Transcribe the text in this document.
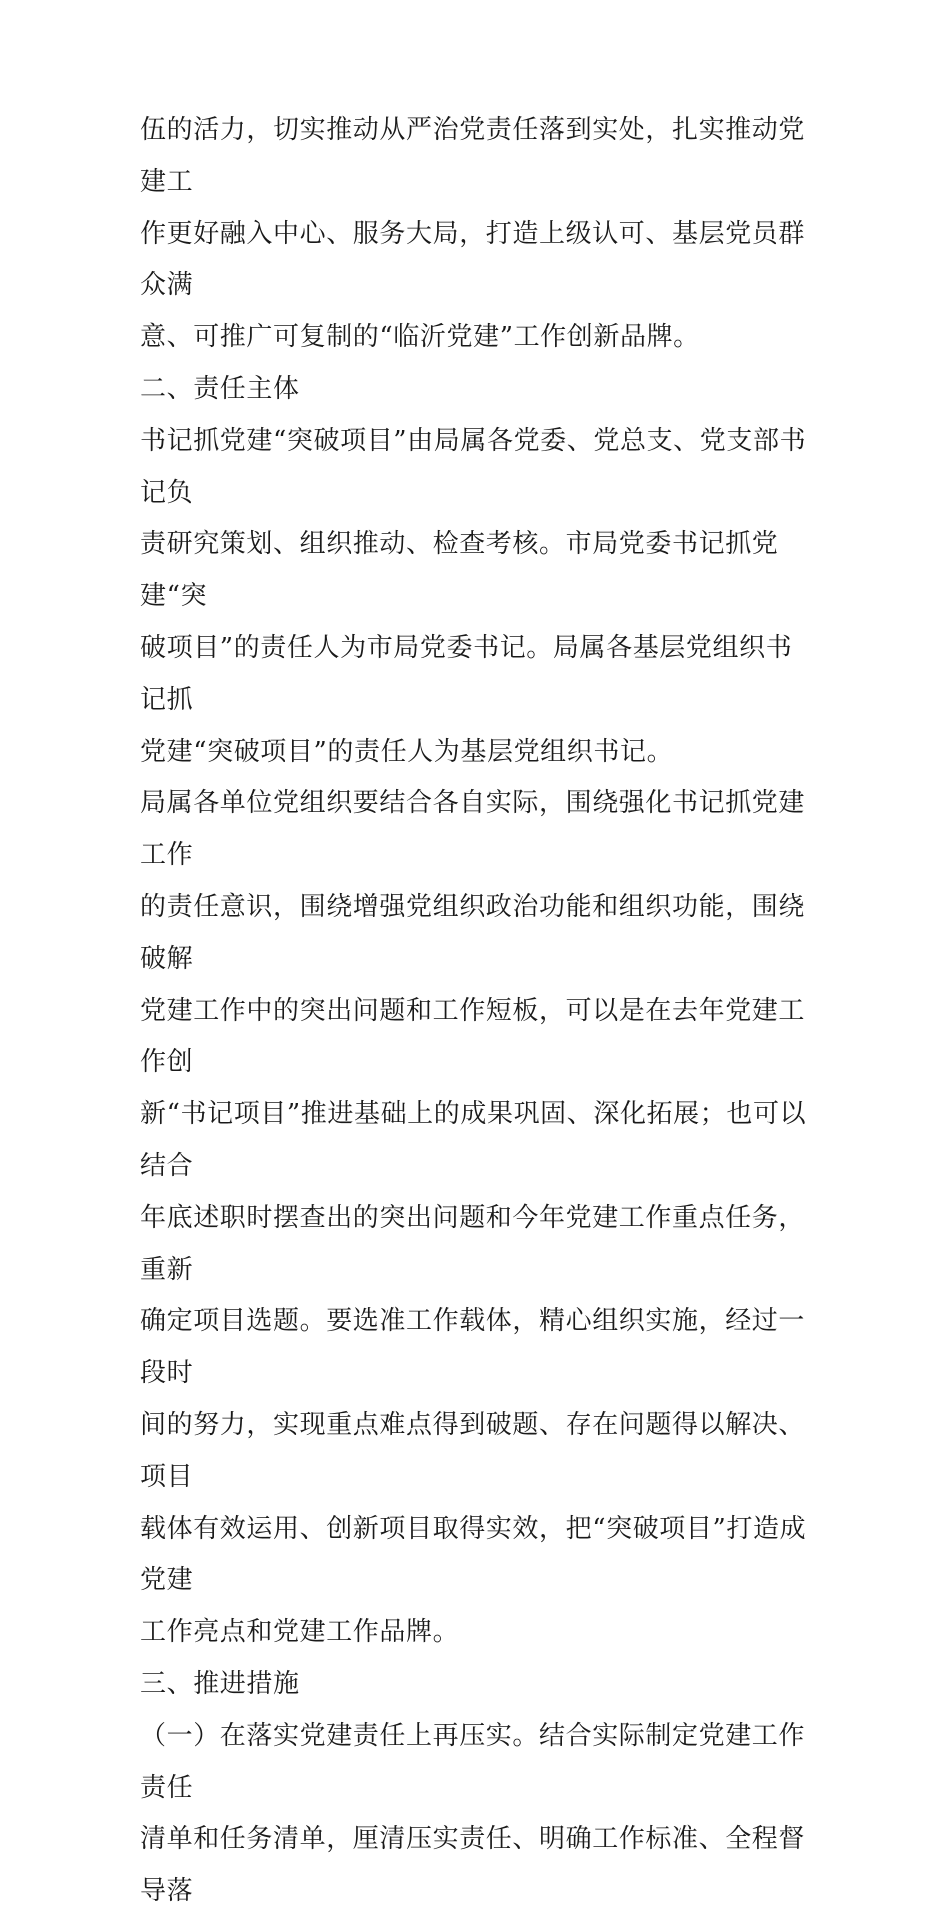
伍的活力，切实推动从严治党责任落到实处，扎实推动党建工

作更好融入中心、服务大局，打造上级认可、基层党员群众满

意、可推广可复制的“临沂党建”工作创新品牌。

二、责任主体

书记抓党建“突破项目”由局属各党委、党总支、党支部书记负

责研究策划、组织推动、检查考核。市局党委书记抓党建“突

破项目”的责任人为市局党委书记。局属各基层党组织书记抓

党建“突破项目”的责任人为基层党组织书记。

局属各单位党组织要结合各自实际，围绕强化书记抓党建工作

的责任意识，围绕增强党组织政治功能和组织功能，围绕破解

党建工作中的突出问题和工作短板，可以是在去年党建工作创

新“书记项目”推进基础上的成果巩固、深化拓展；也可以结合

年底述职时摆查出的突出问题和今年党建工作重点任务，重新

确定项目选题。要选准工作载体，精心组织实施，经过一段时

间的努力，实现重点难点得到破题、存在问题得以解决、项目

载体有效运用、创新项目取得实效，把“突破项目”打造成党建

工作亮点和党建工作品牌。

三、推进措施

（一）在落实党建责任上再压实。结合实际制定党建工作责任

清单和任务清单，厘清压实责任、明确工作标准、全程督导落
